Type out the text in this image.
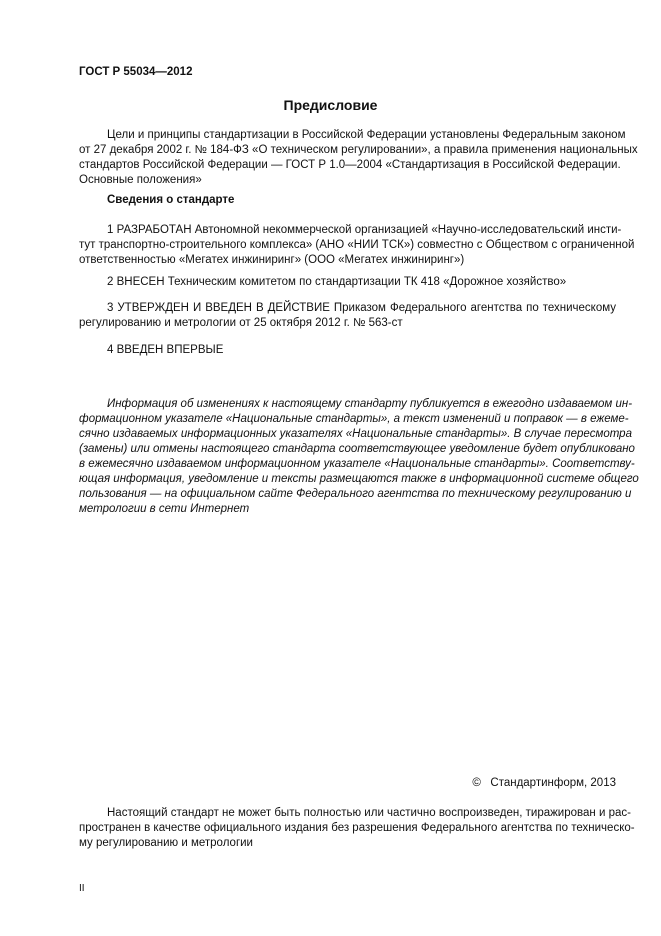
ГОСТ Р 55034—2012
Предисловие
Цели и принципы стандартизации в Российской Федерации установлены Федеральным законом
от 27 декабря 2002 г. № 184-ФЗ «О техническом регулировании», а правила применения национальных
стандартов Российской Федерации — ГОСТ Р 1.0—2004 «Стандартизация в Российской Федерации.
Основные положения»
Сведения о стандарте
1 РАЗРАБОТАН Автономной некоммерческой организацией «Научно-исследовательский инсти-
тут транспортно-строительного комплекса» (АНО «НИИ ТСК») совместно с Обществом с ограниченной
ответственностью «Мегатех инжиниринг» (ООО «Мегатех инжиниринг»)
2 ВНЕСЕН Техническим комитетом по стандартизации ТК 418 «Дорожное хозяйство»
3 УТВЕРЖДЕН И ВВЕДЕН В ДЕЙСТВИЕ Приказом Федерального агентства по техническому
регулированию и метрологии от 25 октября 2012 г. № 563-ст
4 ВВЕДЕН ВПЕРВЫЕ
Информация об изменениях к настоящему стандарту публикуется в ежегодно издаваемом ин-
формационном указателе «Национальные стандарты», а текст изменений и поправок — в ежеме-
сячно издаваемых информационных указателях «Национальные стандарты». В случае пересмотра
(замены) или отмены настоящего стандарта соответствующее уведомление будет опубликовано
в ежемесячно издаваемом информационном указателе «Национальные стандарты». Соответству-
ющая информация, уведомление и тексты размещаются также в информационной системе общего
пользования — на официальном сайте Федерального агентства по техническому регулированию и
метрологии в сети Интернет
©   Стандартинформ, 2013
Настоящий стандарт не может быть полностью или частично воспроизведен, тиражирован и рас-
пространен в качестве официального издания без разрешения Федерального агентства по техническо-
му регулированию и метрологии
II
